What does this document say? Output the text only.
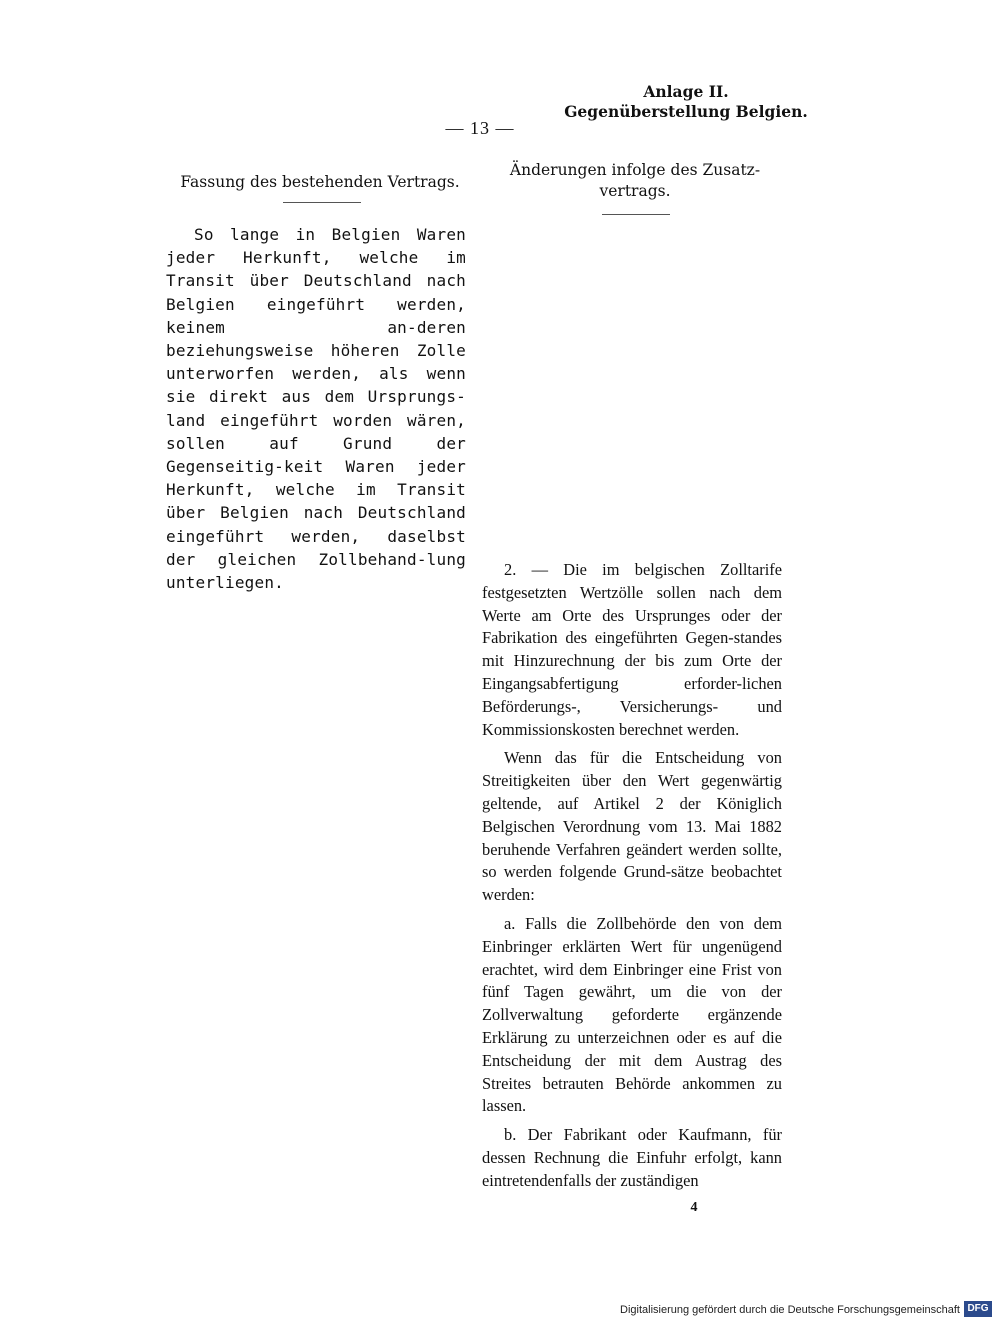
Anlage II.
Gegenüberstellung Belgien.
— 13 —
Fassung des bestehenden Vertrags.
Änderungen infolge des Zusatz-vertrags.

So lange in Belgien Waren jeder Herkunft, welche im Transit über Deutschland nach Belgien eingeführt werden, keinem an-deren beziehungsweise höheren Zolle unterworfen werden, als wenn sie direkt aus dem Ursprungs-land eingeführt worden wären, sollen auf Grund der Gegenseitig-keit Waren jeder Herkunft, welche im Transit über Belgien nach Deutschland eingeführt werden, daselbst der gleichen Zollbehand-lung unterliegen.

2. — Die im belgischen Zolltarife festgesetzten Wertzölle sollen nach dem Werte am Orte des Ursprunges oder der Fabrikation des eingeführten Gegen-standes mit Hinzurechnung der bis zum Orte der Eingangsabfertigung erforder-lichen Beförderungs-, Versicherungs- und Kommissionskosten berechnet werden.

Wenn das für die Entscheidung von Streitigkeiten über den Wert gegenwärtig geltende, auf Artikel 2 der Königlich Belgischen Verordnung vom 13. Mai 1882 beruhende Verfahren geändert werden sollte, so werden folgende Grund-sätze beobachtet werden:

a. Falls die Zollbehörde den von dem Einbringer erklärten Wert für ungenügend erachtet, wird dem Einbringer eine Frist von fünf Tagen gewährt, um die von der Zollverwaltung geforderte ergänzende Erklärung zu unterzeichnen oder es auf die Entscheidung der mit dem Austrag des Streites betrauten Behörde ankommen zu lassen.

b. Der Fabrikant oder Kaufmann, für dessen Rechnung die Einfuhr erfolgt, kann eintretendenfalls der zuständigen

4
Digitalisierung gefördert durch die Deutsche Forschungsgemeinschaft DFG
